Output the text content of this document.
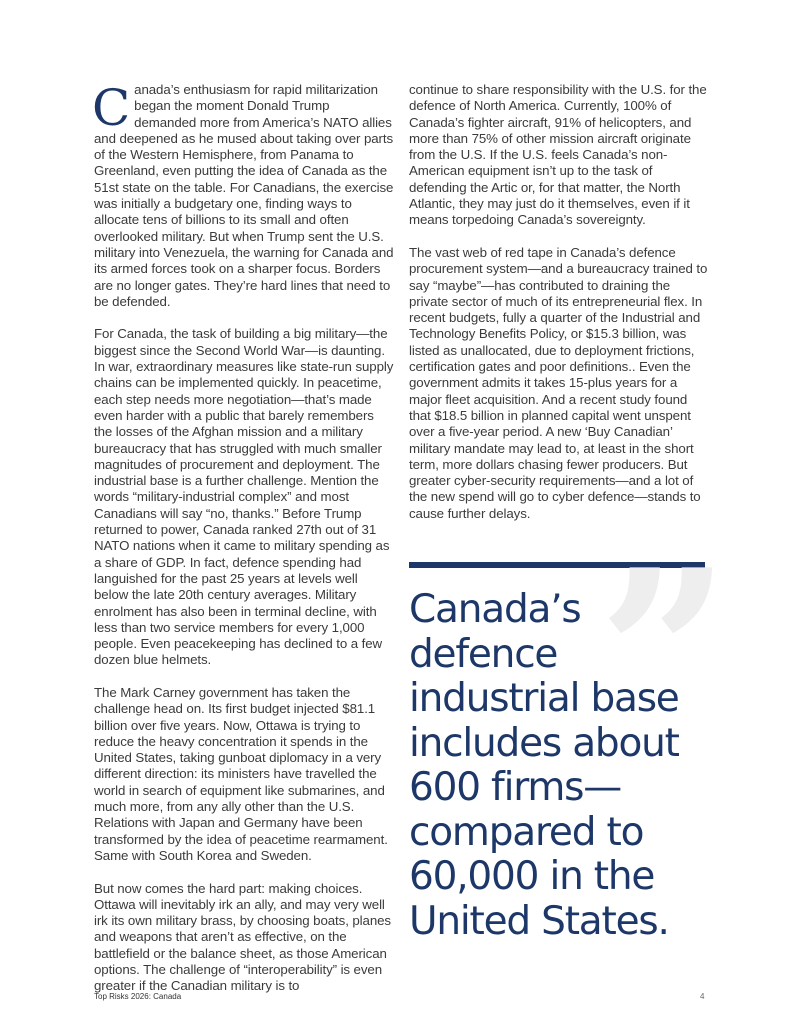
Canada’s enthusiasm for rapid militarization began the moment Donald Trump demanded more from America’s NATO allies and deepened as he mused about taking over parts of the Western Hemisphere, from Panama to Greenland, even putting the idea of Canada as the 51st state on the table. For Canadians, the exercise was initially a budgetary one, finding ways to allocate tens of billions to its small and often overlooked military. But when Trump sent the U.S. military into Venezuela, the warning for Canada and its armed forces took on a sharper focus. Borders are no longer gates. They’re hard lines that need to be defended.

For Canada, the task of building a big military—the biggest since the Second World War—is daunting. In war, extraordinary measures like state-run supply chains can be implemented quickly. In peacetime, each step needs more negotiation—that’s made even harder with a public that barely remembers the losses of the Afghan mission and a military bureaucracy that has struggled with much smaller magnitudes of procurement and deployment. The industrial base is a further challenge. Mention the words “military-industrial complex” and most Canadians will say “no, thanks.” Before Trump returned to power, Canada ranked 27th out of 31 NATO nations when it came to military spending as a share of GDP. In fact, defence spending had languished for the past 25 years at levels well below the late 20th century averages. Military enrolment has also been in terminal decline, with less than two service members for every 1,000 people. Even peacekeeping has declined to a few dozen blue helmets.

The Mark Carney government has taken the challenge head on. Its first budget injected $81.1 billion over five years. Now, Ottawa is trying to reduce the heavy concentration it spends in the United States, taking gunboat diplomacy in a very different direction: its ministers have travelled the world in search of equipment like submarines, and much more, from any ally other than the U.S. Relations with Japan and Germany have been transformed by the idea of peacetime rearmament. Same with South Korea and Sweden.

But now comes the hard part: making choices. Ottawa will inevitably irk an ally, and may very well irk its own military brass, by choosing boats, planes and weapons that aren’t as effective, on the battlefield or the balance sheet, as those American options. The challenge of “interoperability” is even greater if the Canadian military is to

continue to share responsibility with the U.S. for the defence of North America. Currently, 100% of Canada’s fighter aircraft, 91% of helicopters, and more than 75% of other mission aircraft originate from the U.S. If the U.S. feels Canada’s non-American equipment isn’t up to the task of defending the Artic or, for that matter, the North Atlantic, they may just do it themselves, even if it means torpedoing Canada’s sovereignty.

The vast web of red tape in Canada’s defence procurement system—and a bureaucracy trained to say “maybe”—has contributed to draining the private sector of much of its entrepreneurial flex. In recent budgets, fully a quarter of the Industrial and Technology Benefits Policy, or $15.3 billion, was listed as unallocated, due to deployment frictions, certification gates and poor definitions.. Even the government admits it takes 15-plus years for a major fleet acquisition. And a recent study found that $18.5 billion in planned capital went unspent over a five-year period. A new ‘Buy Canadian’ military mandate may lead to, at least in the short term, more dollars chasing fewer producers. But greater cyber-security requirements—and a lot of the new spend will go to cyber defence—stands to cause further delays.

”

Canada’s defence industrial base includes about 600 firms—compared to 60,000 in the United States.

Top Risks 2026: Canada	4
